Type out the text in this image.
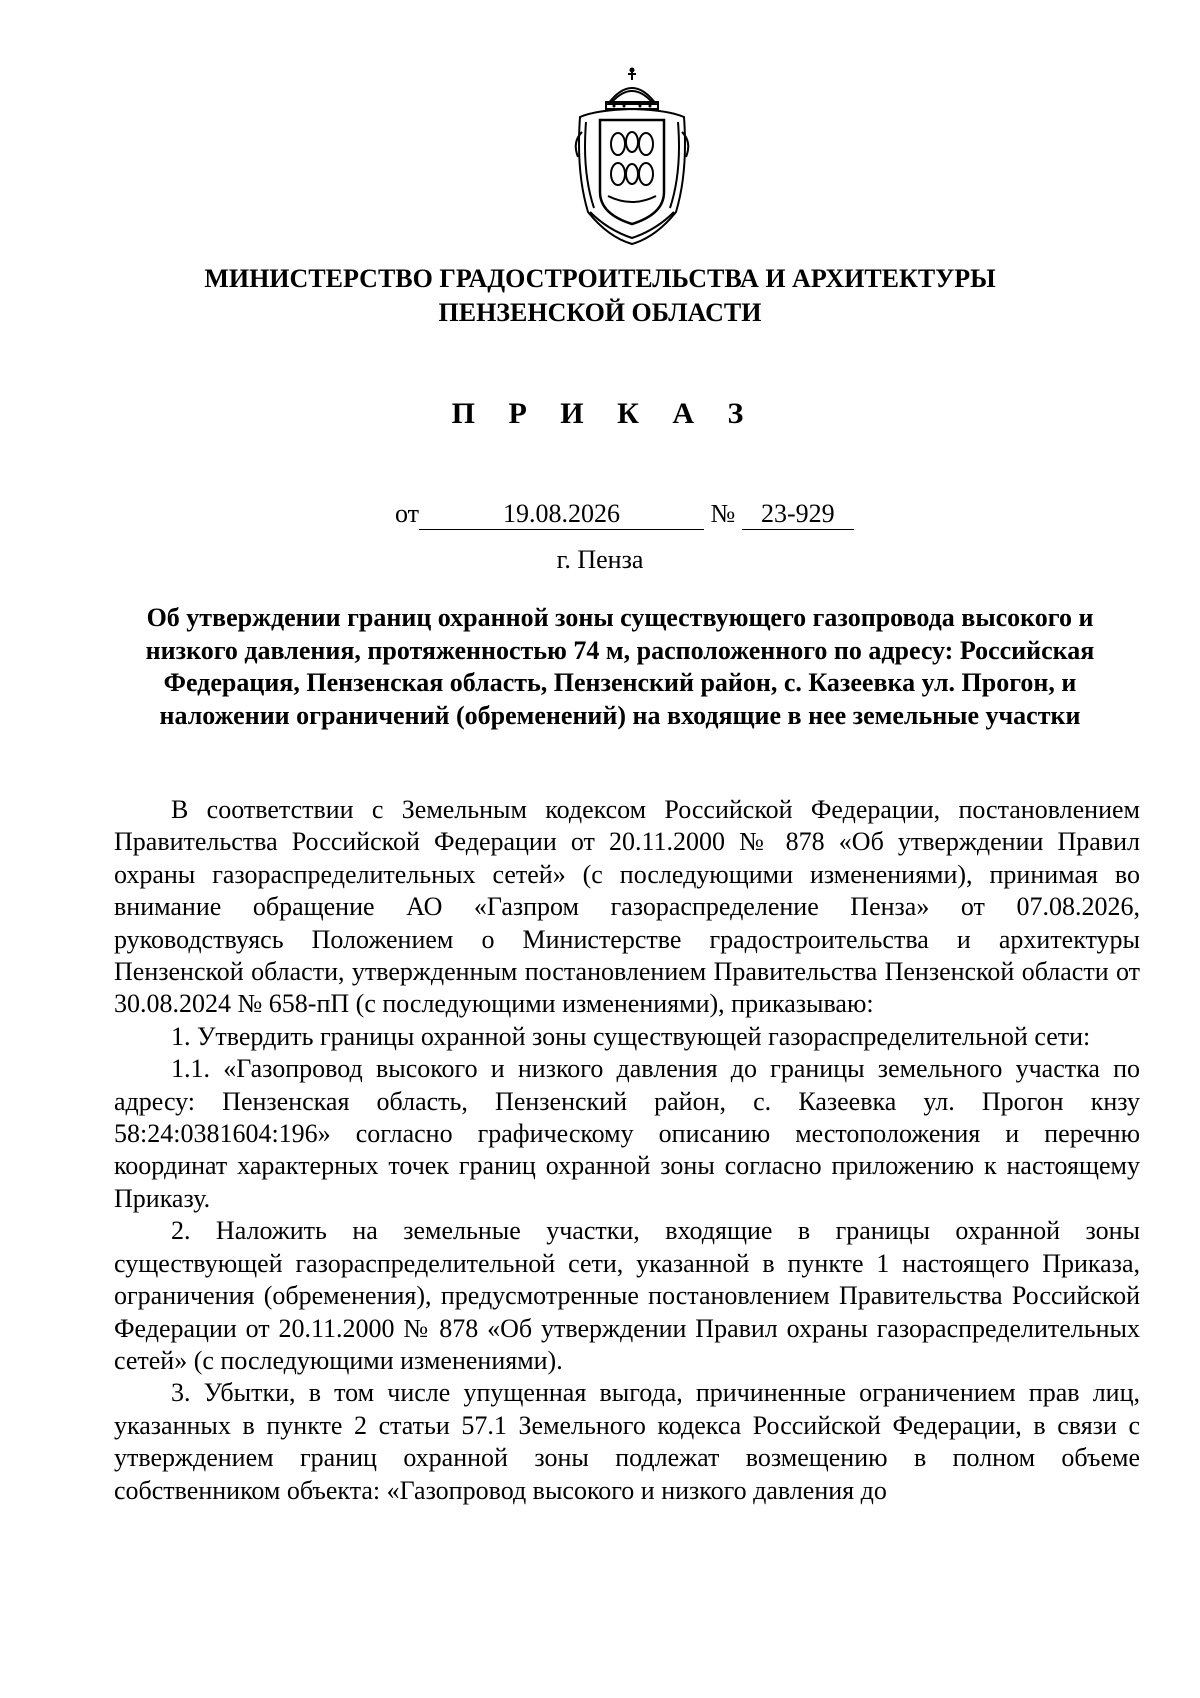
МИНИСТЕРСТВО ГРАДОСТРОИТЕЛЬСТВА И АРХИТЕКТУРЫ
ПЕНЗЕНСКОЙ ОБЛАСТИ
П Р И К А З
от	19.08.2026	№ 23-929
г. Пенза
Об утверждении границ охранной зоны существующего газопровода высокого и низкого давления, протяженностью 74 м, расположенного по адресу: Российская Федерация, Пензенская область, Пензенский район, с. Казеевка ул. Прогон, и наложении ограничений (обременений) на входящие в нее земельные участки

В соответствии с Земельным кодексом Российской Федерации, постановлением Правительства Российской Федерации от 20.11.2000 № 878 «Об утверждении Правил охраны газораспределительных сетей» (с последующими изменениями), принимая во внимание обращение АО «Газпром газораспределение Пенза» от 07.08.2026, руководствуясь Положением о Министерстве градостроительства и архитектуры Пензенской области, утвержденным постановлением Правительства Пензенской области от 30.08.2024 № 658-пП (с последующими изменениями), приказываю:

1. Утвердить границы охранной зоны существующей газораспределительной сети:

1.1. «Газопровод высокого и низкого давления до границы земельного участка по адресу: Пензенская область, Пензенский район, с. Казеевка ул. Прогон кнзу 58:24:0381604:196» согласно графическому описанию местоположения и перечню координат характерных точек границ охранной зоны согласно приложению к настоящему Приказу.

2. Наложить на земельные участки, входящие в границы охранной зоны существующей газораспределительной сети, указанной в пункте 1 настоящего Приказа, ограничения (обременения), предусмотренные постановлением Правительства Российской Федерации от 20.11.2000 № 878 «Об утверждении Правил охраны газораспределительных сетей» (с последующими изменениями).

3. Убытки, в том числе упущенная выгода, причиненные ограничением прав лиц, указанных в пункте 2 статьи 57.1 Земельного кодекса Российской Федерации, в связи с утверждением границ охранной зоны подлежат возмещению в полном объеме собственником объекта: «Газопровод высокого и низкого давления до
